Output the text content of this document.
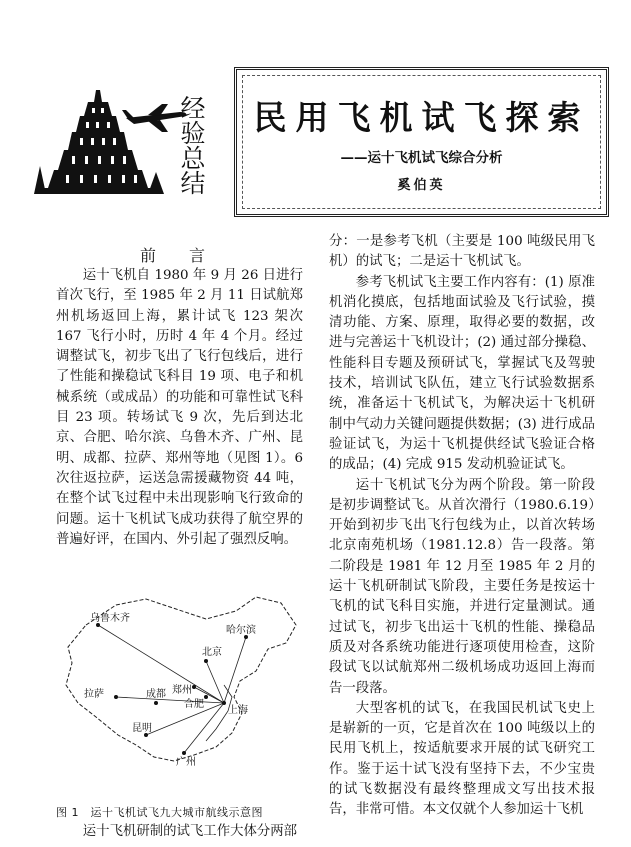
经
验
总
结
民用飞机试飞探索
——运十飞机试飞综合分析
奚伯英
前 言

运十飞机自 1980 年 9 月 26 日进行首次飞行，至 1985 年 2 月 11 日试航郑州机场返回上海，累计试飞 123 架次 167 飞行小时，历时 4 年 4 个月。经过调整试飞，初步飞出了飞行包线后，进行了性能和操稳试飞科目 19 项、电子和机械系统（或成品）的功能和可靠性试飞科目 23 项。转场试飞 9 次，先后到达北京、合肥、哈尔滨、乌鲁木齐、广州、昆明、成都、拉萨、郑州等地（见图 1）。6 次往返拉萨，运送急需援藏物资 44 吨，在整个试飞过程中未出现影响飞行致命的问题。运十飞机试飞成功获得了航空界的普遍好评，在国内、外引起了强烈反响。

乌鲁木齐
哈尔滨
北京
郑州
合肥
拉萨	成都
上海
昆明
广州
图 1　运十飞机试飞九大城市航线示意图

运十飞机研制的试飞工作大体分两部

分：一是参考飞机（主要是 100 吨级民用飞机）的试飞；二是运十飞机试飞。

参考飞机试飞主要工作内容有：(1) 原准机消化摸底，包括地面试验及飞行试验，摸清功能、方案、原理，取得必要的数据，改进与完善运十飞机设计；(2) 通过部分操稳、性能科目专题及预研试飞，掌握试飞及驾驶技术，培训试飞队伍，建立飞行试验数据系统，准备运十飞机试飞，为解决运十飞机研制中气动力关键问题提供数据；(3) 进行成品验证试飞，为运十飞机提供经试飞验证合格的成品；(4) 完成 915 发动机验证试飞。

运十飞机试飞分为两个阶段。第一阶段是初步调整试飞。从首次滑行（1980.6.19）开始到初步飞出飞行包线为止，以首次转场北京南苑机场（1981.12.8）告一段落。第二阶段是 1981 年 12 月至 1985 年 2 月的运十飞机研制试飞阶段，主要任务是按运十飞机的试飞科目实施，并进行定量测试。通过试飞，初步飞出运十飞机的性能、操稳品质及对各系统功能进行逐项使用检查，这阶段试飞以试航郑州二级机场成功返回上海而告一段落。

大型客机的试飞，在我国民机试飞史上是崭新的一页，它是首次在 100 吨级以上的民用飞机上，按适航要求开展的试飞研究工作。鉴于运十试飞没有坚持下去，不少宝贵的试飞数据没有最终整理成文写出技术报告，非常可惜。本文仅就个人参加运十飞机
